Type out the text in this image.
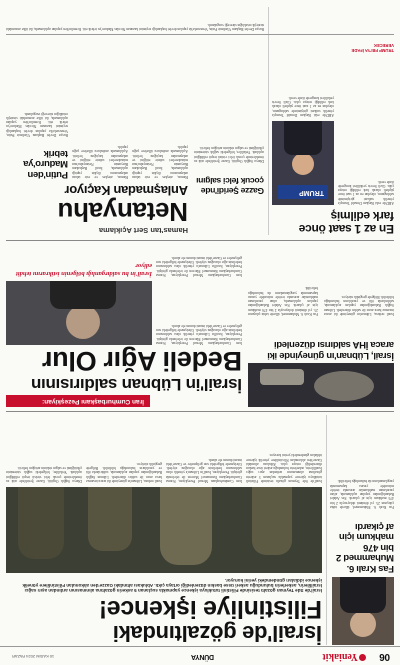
06
Yeniakit
DÜNYA
10 KASIM 2024 PAZAR
Fas Kralı 6. Muhammed 2 bin 476 mahkum için af çıkardı
Fas Kralı 6. Muhammed, ülkede tahta çıkışının 25. yıl dönümü dolayısıyla 2 bin 476 mahkum için af çıkardı. Fas Adalet Bakanlığından yapılan açıklamada, aftan yararlanan mahkumlar arasında terörle mücadele yasası kapsamında yargılananların da bulunduğu belirtildi.
İsrail'de gözaltındaki
Filistinliye işkence!
İsrail'de Sde Teyman gözaltı tesisinde Filistinli tutukluya işkence yapmakla suçlanan 5 askerin gözaltına alınmasının ardından aşırı sağcı İsraillilerin, askerlerin bulunduğu askeri üsse baskın düzenlediği ortaya çıktı. Ablukası altındaki Gazze'den alıkonulan Filistinlilere yönelik işkence iddiaları gündemdeki yerini koruyor.
İsrail'de Sde Teyman gözaltı tesisinde Filistinli tutukluya işkence yapmakla suçlanan 5 askerin gözaltına alınmasının ardından aşırı sağcı İsraillilerin, askerlerin bulunduğu askeri üsse baskın düzenlediği ortaya çıktı. Ablukası altındaki Gazze'den alıkonulan Filistinlilere yönelik işkence iddiaları gündemdeki yerini koruyor.
İran Cumhurbaşkanı Mesud Pezeşkiyan, Fransa Cumhurbaşkanı Emmanuel Macron ile telefonda görüştü. Pezeşkiyan, İsrail'in Lübnan'a yönelik olası saldırısının bedelinin ağır olacağını söyledi. Görüşmede bölgedeki son gelişmeler ve Gazze'deki insani durum ele alındı.
İsrail ordusu, Lübnan'ın güneyinde iki araca insansız hava aracı ile saldırı düzenledi. Lübnan Sağlık Bakanlığından yapılan açıklamada, saldırılarda ölü ve yaralıların bulunduğu bildirildi. Bölgede gerginlik sürüyor.
Dünya Sağlık Örgütü, Gazze Şeridi'nde atık su örneklerinde çocuk felci virüsü tespit edildiğini açıkladı. Yetkililer, bölgedeki sağlık sisteminin çöktüğünü ve salgın riskinin arttığını belirtti.
İran Cumhurbaşkanı Pezeşkiyan:
İsrail'in Lübnan saldırısının
Bedeli Ağır Olur	İsrail, Lübnan'ın güneyinde iki araca İHA saldırısı düzenledi
İsrail ordusu, Lübnan'ın güneyinde iki araca insansız hava aracı ile saldırı düzenledi. Lübnan Sağlık Bakanlığından yapılan açıklamada, saldırılarda ölü ve yaralıların bulunduğu bildirildi. Bölgede gerginlik sürüyor.
Fas Kralı 6. Muhammed, ülkede tahta çıkışının 25. yıl dönümü dolayısıyla 2 bin 476 mahkum için af çıkardı. Fas Adalet Bakanlığından yapılan açıklamada, aftan yararlanan mahkumlar arasında terörle mücadele yasası kapsamında yargılananların da bulunduğu belirtildi.
İran Cumhurbaşkanı Mesud Pezeşkiyan, Fransa Cumhurbaşkanı Emmanuel Macron ile telefonda görüştü. Pezeşkiyan, İsrail'in Lübnan'a yönelik olası saldırısının bedelinin ağır olacağını söyledi. Görüşmede bölgedeki son gelişmeler ve Gazze'deki insani durum ele alındı.
İsrail'in bu saldırganlığı bölgenin istikrarını tehdit ediyor
İran Cumhurbaşkanı Mesud Pezeşkiyan, Fransa Cumhurbaşkanı Emmanuel Macron ile telefonda görüştü. Pezeşkiyan, İsrail'in Lübnan'a yönelik olası saldırısının bedelinin ağır olacağını söyledi. Görüşmede bölgedeki son gelişmeler ve Gazze'deki insani durum ele alındı.
En az 1 saat önce
fark edilmiş
ABD'de eski Başkan Donald Trump'a yönelik suikast girişiminde saldırganın, olaydan en az 1 saat önce şüpheli olarak fark edildiği ortaya çıktı. Gizli Servis yetkilileri kongrede ifade verdi.
TRUMP FBI'YA İFADE VERECEK
TRUMP
ABD'de eski Başkan Donald Trump'a yönelik suikast girişiminde saldırganın, olaydan en az 1 saat önce şüpheli olarak fark edildiği ortaya çıktı. Gizli Servis yetkilileri kongrede ifade verdi.
Gazze Şeridi'nde çocuk felci salgını
Dünya Sağlık Örgütü, Gazze Şeridi'nde atık su örneklerinde çocuk felci virüsü tespit edildiğini açıkladı. Yetkililer, bölgedeki sağlık sisteminin çöktüğünü ve salgın riskinin arttığını belirtti.
Hamas'tan Sert Açıklama
Netanyahu
Anlaşmadan Kaçıyor
Hamas, ateşkes ve esir takası anlaşmasına ilişkin yaptığı açıklamada, İsrail Başbakanı Binyamin Netanyahu'nun müzakereleri sabote ettiğini ve anlaşmadan kaçtığını belirtti. Açıklamada arabulucu ülkelere çağrı yapıldı.
Hamas, ateşkes ve esir takası anlaşmasına ilişkin yaptığı açıklamada, İsrail Başbakanı Binyamin Netanyahu'nun müzakereleri sabote ettiğini ve anlaşmadan kaçtığını belirtti. Açıklamada arabulucu ülkelere çağrı yapıldı.
Putin'den Maduro'ya tebrik
Rusya Devlet Başkanı Vladimir Putin, Venezuela'da yapılan devlet başkanlığı seçimini kazanan Nicolas Maduro'yu tebrik etti. Kremlin'den yapılan açıklamada, iki ülke arasındaki stratejik ortaklığın süreceği vurgulandı.
Rusya Devlet Başkanı Vladimir Putin, Venezuela'da yapılan devlet başkanlığı seçimini kazanan Nicolas Maduro'yu tebrik etti. Kremlin'den yapılan açıklamada, iki ülke arasındaki stratejik ortaklığın süreceği vurgulandı.
